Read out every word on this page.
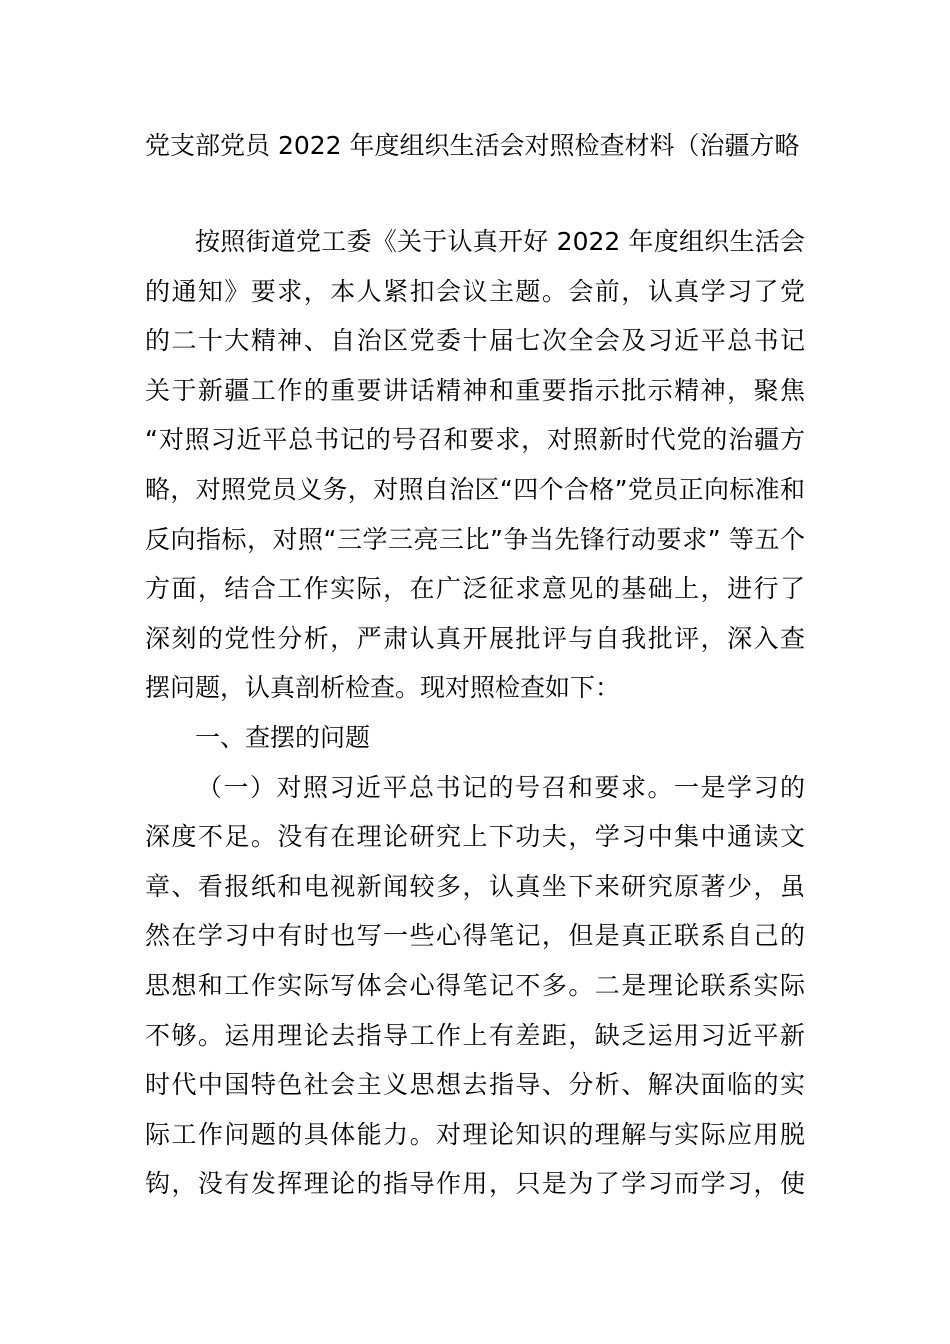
党支部党员 2022 年度组织生活会对照检查材料（治疆方略
按照街道党工委《关于认真开好 2022 年度组织生活会
的通知》要求，本人紧扣会议主题。会前，认真学习了党
的二十大精神、自治区党委十届七次全会及习近平总书记
关于新疆工作的重要讲话精神和重要指示批示精神，聚焦
“对照习近平总书记的号召和要求，对照新时代党的治疆方
略，对照党员义务，对照自治区“四个合格”党员正向标准和
反向指标，对照“三学三亮三比”争当先锋行动要求” 等五个
方面，结合工作实际，在广泛征求意见的基础上，进行了
深刻的党性分析，严肃认真开展批评与自我批评，深入查
摆问题，认真剖析检查。现对照检查如下：
一、查摆的问题
（一）对照习近平总书记的号召和要求。一是学习的
深度不足。没有在理论研究上下功夫，学习中集中通读文
章、看报纸和电视新闻较多，认真坐下来研究原著少，虽
然在学习中有时也写一些心得笔记，但是真正联系自己的
思想和工作实际写体会心得笔记不多。二是理论联系实际
不够。运用理论去指导工作上有差距，缺乏运用习近平新
时代中国特色社会主义思想去指导、分析、解决面临的实
际工作问题的具体能力。对理论知识的理解与实际应用脱
钩，没有发挥理论的指导作用，只是为了学习而学习，使
